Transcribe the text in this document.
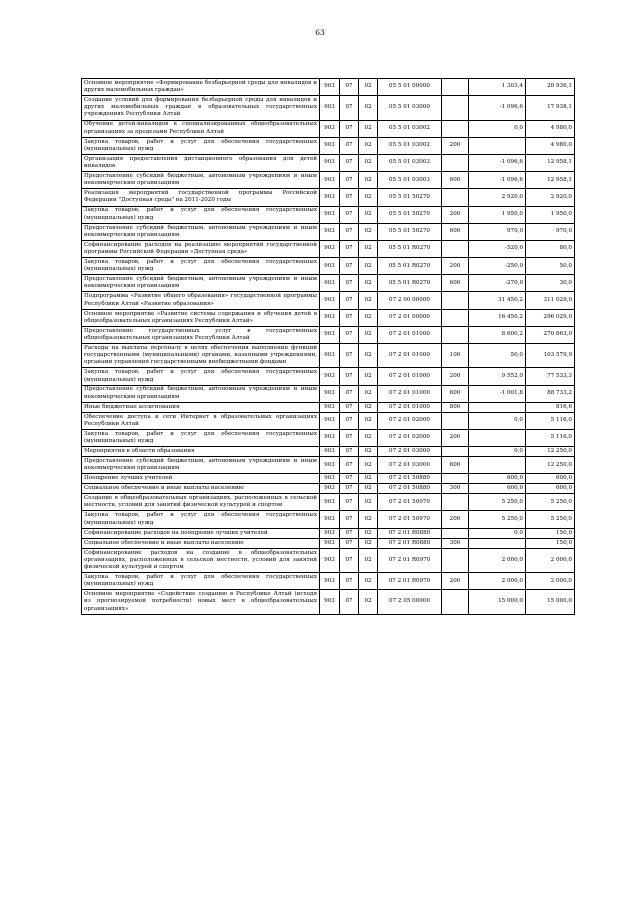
63
Основное мероприятие «Формирование безбарьерной среды для инвалидов и других маломобильных граждан»	903	07	02	05 5 01 00000		1 303,4	20 936,1
Создание условий для формирования безбарьерной среды для инвалидов и других маломобильных граждан в образовательных государственных учреждениях Республики Алтай	903	07	02	05 5 01 03000		-1 096,6	17 938,1
Обучение детей-инвалидов в специализированных общеобразовательных организациях за пределами Республики Алтай	903	07	02	05 5 01 03002		0,0	4 980,0
Закупка товаров, работ и услуг для обеспечения государственных (муниципальных) нужд	903	07	02	05 5 01 03002	200		4 980,0
Организация предоставления дистанционного образования для детей инвалидов	903	07	02	05 5 01 03003		-1 096,6	12 958,1
Предоставление субсидий бюджетным, автономным учреждениям и иным некоммерческим организациям	903	07	02	05 5 01 03003	600	-1 096,6	12 958,1
Реализация мероприятий государственной программы Российской Федерации "Доступная среда" на 2011-2020 годы	903	07	02	05 5 01 50270		2 920,0	2 920,0
Закупка товаров, работ и услуг для обеспечения государственных (муниципальных) нужд	903	07	02	05 5 01 50270	200	1 950,0	1 950,0
Предоставление субсидий бюджетным, автономным учреждениям и иным некоммерческим организациям	903	07	02	05 5 01 50270	600	970,0	970,0
Софинансирование расходов на реализацию мероприятий государственной программы Российской Федерации «Доступная среда»	903	07	02	05 5 01 R0270		-520,0	80,0
Закупка товаров, работ и услуг для обеспечения государственных (муниципальных) нужд	903	07	02	05 5 01 R0270	200	-250,0	50,0
Предоставление субсидий бюджетным, автономным учреждениям и иным некоммерческим организациям	903	07	02	05 5 01 R0270	600	-270,0	30,0
Подпрограмма «Развитие общего образования» государственной программы Республики Алтай «Развитие образования»	903	07	02	07 2 00 00000		31 450,2	311 029,0
Основное мероприятие «Развитие системы содержания и обучения детей в общеобразовательных организациях Республики Алтай»	903	07	02	07 2 01 00000		16 450,2	296 029,0
Предоставление государственных услуг в государственных общеобразовательных организациях Республики Алтай	903	07	02	07 2 01 01000		8 600,2	270 663,0
Расходы на выплаты персоналу в целях обеспечения выполнения функций государственными (муниципальными) органами, казенными учреждениями, органами управления государственными внебюджетными фондами	903	07	02	07 2 01 01000	100	50,0	103 579,9
Закупка товаров, работ и услуг для обеспечения государственных (муниципальных) нужд	903	07	02	07 2 01 01000	200	9 552,0	77 533,3
Предоставление субсидий бюджетным, автономным учреждениям и иным некоммерческим организациям	903	07	02	07 2 01 01000	600	-1 001,8	88 733,2
Иные бюджетные ассигнования	903	07	02	07 2 01 01000	800		816,6
Обеспечение доступа к сети Интернет в образовательных организациях Республики Алтай	903	07	02	07 2 01 02000		0,0	5 116,0
Закупка товаров, работ и услуг для обеспечения государственных (муниципальных) нужд	903	07	02	07 2 01 02000	200		5 116,0
Мероприятия в области образования	903	07	02	07 2 01 03000		0,0	12 250,0
Предоставление субсидий бюджетным, автономным учреждениям и иным некоммерческим организациям	903	07	02	07 2 01 03000	600		12 250,0
Поощрение лучших учителей	903	07	02	07 2 01 50880		600,0	600,0
Социальное обеспечение и иные выплаты населению	903	07	02	07 2 01 50880	300	600,0	600,0
Создание в общеобразовательных организациях, расположенных в сельской местности, условий для занятий физической культурой и спортом	903	07	02	07 2 01 50970		5 250,0	5 250,0
Закупка товаров, работ и услуг для обеспечения государственных (муниципальных) нужд	903	07	02	07 2 01 50970	200	5 250,0	5 250,0
Софинансирование расходов на поощрение лучших учителей	903	07	02	07 2 01 R0880		0,0	150,0
Социальное обеспечение и иные выплаты населению	903	07	02	07 2 01 R0880	300		150,0
Софинансирование расходов на создание в общеобразовательных организациях, расположенных в сельской местности, условий для занятий физической культурой и спортом	903	07	02	07 2 01 R0970		2 000,0	2 000,0
Закупка товаров, работ и услуг для обеспечения государственных (муниципальных) нужд	903	07	02	07 2 01 R0970	200	2 000,0	2 000,0
Основное мероприятие «Содействие созданию в Республике Алтай (исходя из прогнозируемой потребности) новых мест в общеобразовательных организациях»	903	07	02	07 2 05 00000		15 000,0	15 000,0
